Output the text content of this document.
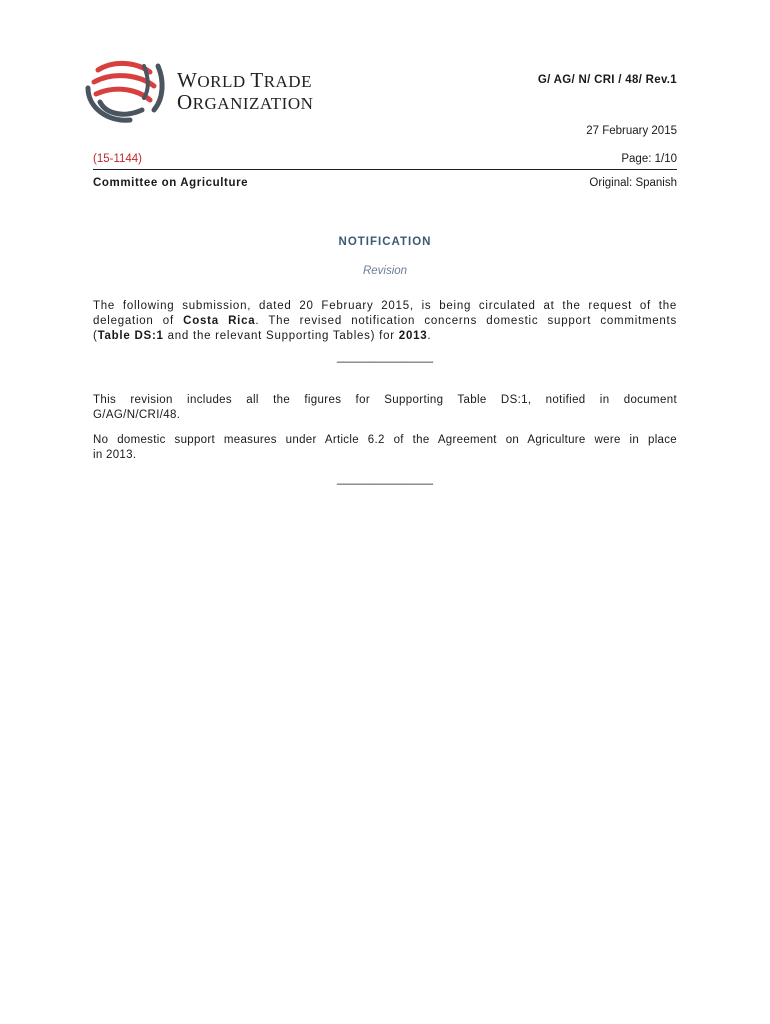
WORLD TRADE
ORGANIZATION
G/ AG/ N/ CRI / 48/ Rev.1
27 February 2015
(15-1144)	Page: 1/10
Committee on Agriculture	Original: Spanish
NOTIFICATION
Revision
The following submission, dated 20 February 2015, is being circulated at the request of the
delegation of Costa Rica. The revised notification concerns domestic support commitments
(Table DS:1 and the relevant Supporting Tables) for 2013.
_______________
This revision includes all the figures for Supporting Table DS:1, notified in document
G/AG/N/CRI/48.
No domestic support measures under Article 6.2 of the Agreement on Agriculture were in place
in 2013.
_______________
